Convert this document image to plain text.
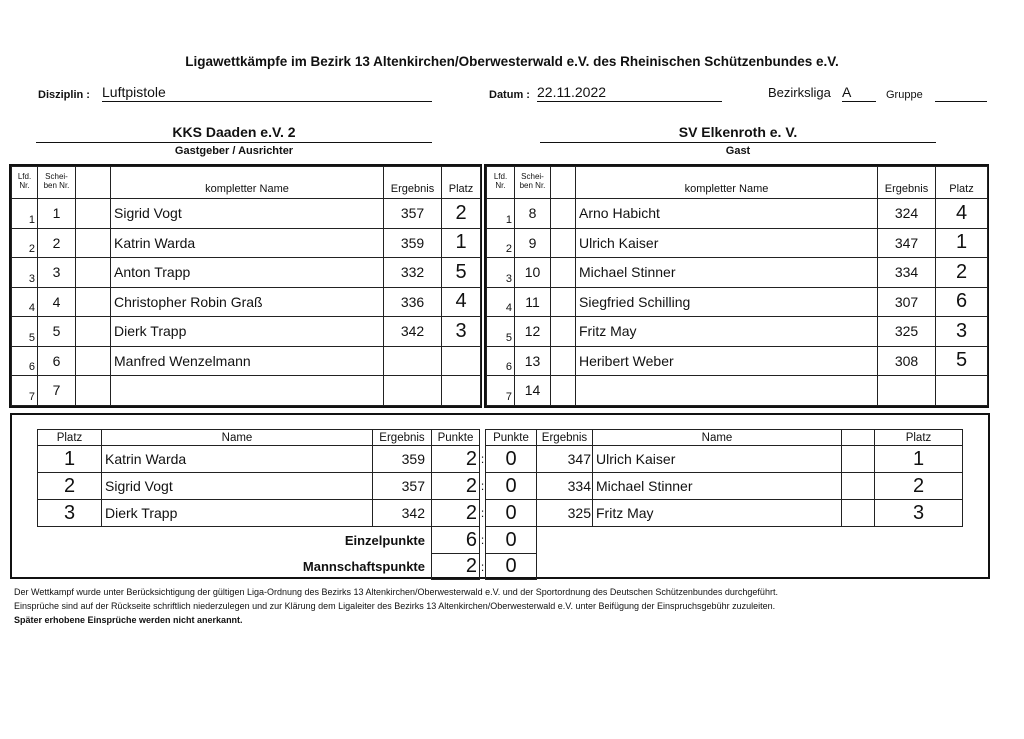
Ligawettkämpfe im Bezirk 13 Altenkirchen/Oberwesterwald e.V. des Rheinischen Schützenbundes e.V.
Disziplin : Luftpistole	Datum : 22.11.2022	Bezirksliga A	Gruppe
KKS Daaden e.V. 2
Gastgeber / Ausrichter
SV Elkenroth e. V.
Gast
Lfd.
Nr.	Schei-
ben Nr.		kompletter Name	Ergebnis	Platz
1	1		Sigrid Vogt	357	2
2	2		Katrin Warda	359	1
3	3		Anton Trapp	332	5
4	4		Christopher Robin Graß	336	4
5	5		Dierk Trapp	342	3
6	6		Manfred Wenzelmann		
7	7				
Lfd.
Nr.	Schei-
ben Nr.		kompletter Name	Ergebnis	Platz
1	8		Arno Habicht	324	4
2	9		Ulrich Kaiser	347	1
3	10		Michael Stinner	334	2
4	11		Siegfried Schilling	307	6
5	12		Fritz May	325	3
6	13		Heribert Weber	308	5
7	14				
Platz	Name	Ergebnis	Punkte		Punkte	Ergebnis	Name		Platz
1	Katrin Warda	359	2	:	0	347	Ulrich Kaiser		1
2	Sigrid Vogt	357	2	:	0	334	Michael Stinner		2
3	Dierk Trapp	342	2	:	0	325	Fritz May		3
Einzelpunkte			6	:	0				
Mannschaftspunkte			2	:	0				
Der Wettkampf wurde unter Berücksichtigung der gültigen Liga-Ordnung des Bezirks 13 Altenkirchen/Oberwesterwald e.V. und der Sportordnung des Deutschen Schützenbundes durchgeführt.
Einsprüche sind auf der Rückseite schriftlich niederzulegen und zur Klärung dem Ligaleiter des Bezirks 13 Altenkirchen/Oberwesterwald e.V. unter Beifügung der Einspruchsgebühr zuzuleiten.
Später erhobene Einsprüche werden nicht anerkannt.
